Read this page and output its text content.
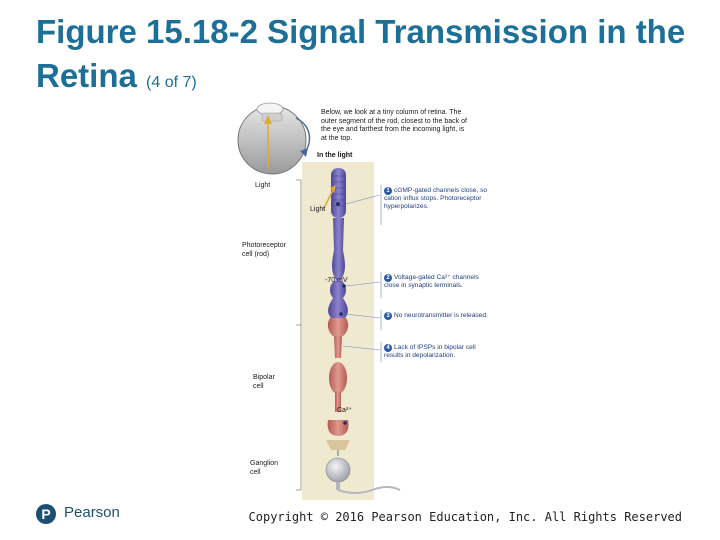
Figure 15.18-2 Signal Transmission in the Retina (4 of 7)
P
Below, we look at a tiny column of retina. The outer segment of the rod, closest to the back of the eye and farthest from the incoming light, is at the top.
In the light
Light
Light
Photoreceptor cell (rod)
-70 mV
Bipolar cell
Ca²⁺
Ganglion cell
1 cGMP-gated channels close, so cation influx stops. Photoreceptor hyperpolarizes.
2 Voltage-gated Ca²⁺ channels close in synaptic terminals.
3 No neurotransmitter is released.
4 Lack of IPSPs in bipolar cell results in depolarization.
Pearson	Copyright © 2016 Pearson Education, Inc. All Rights Reserved
